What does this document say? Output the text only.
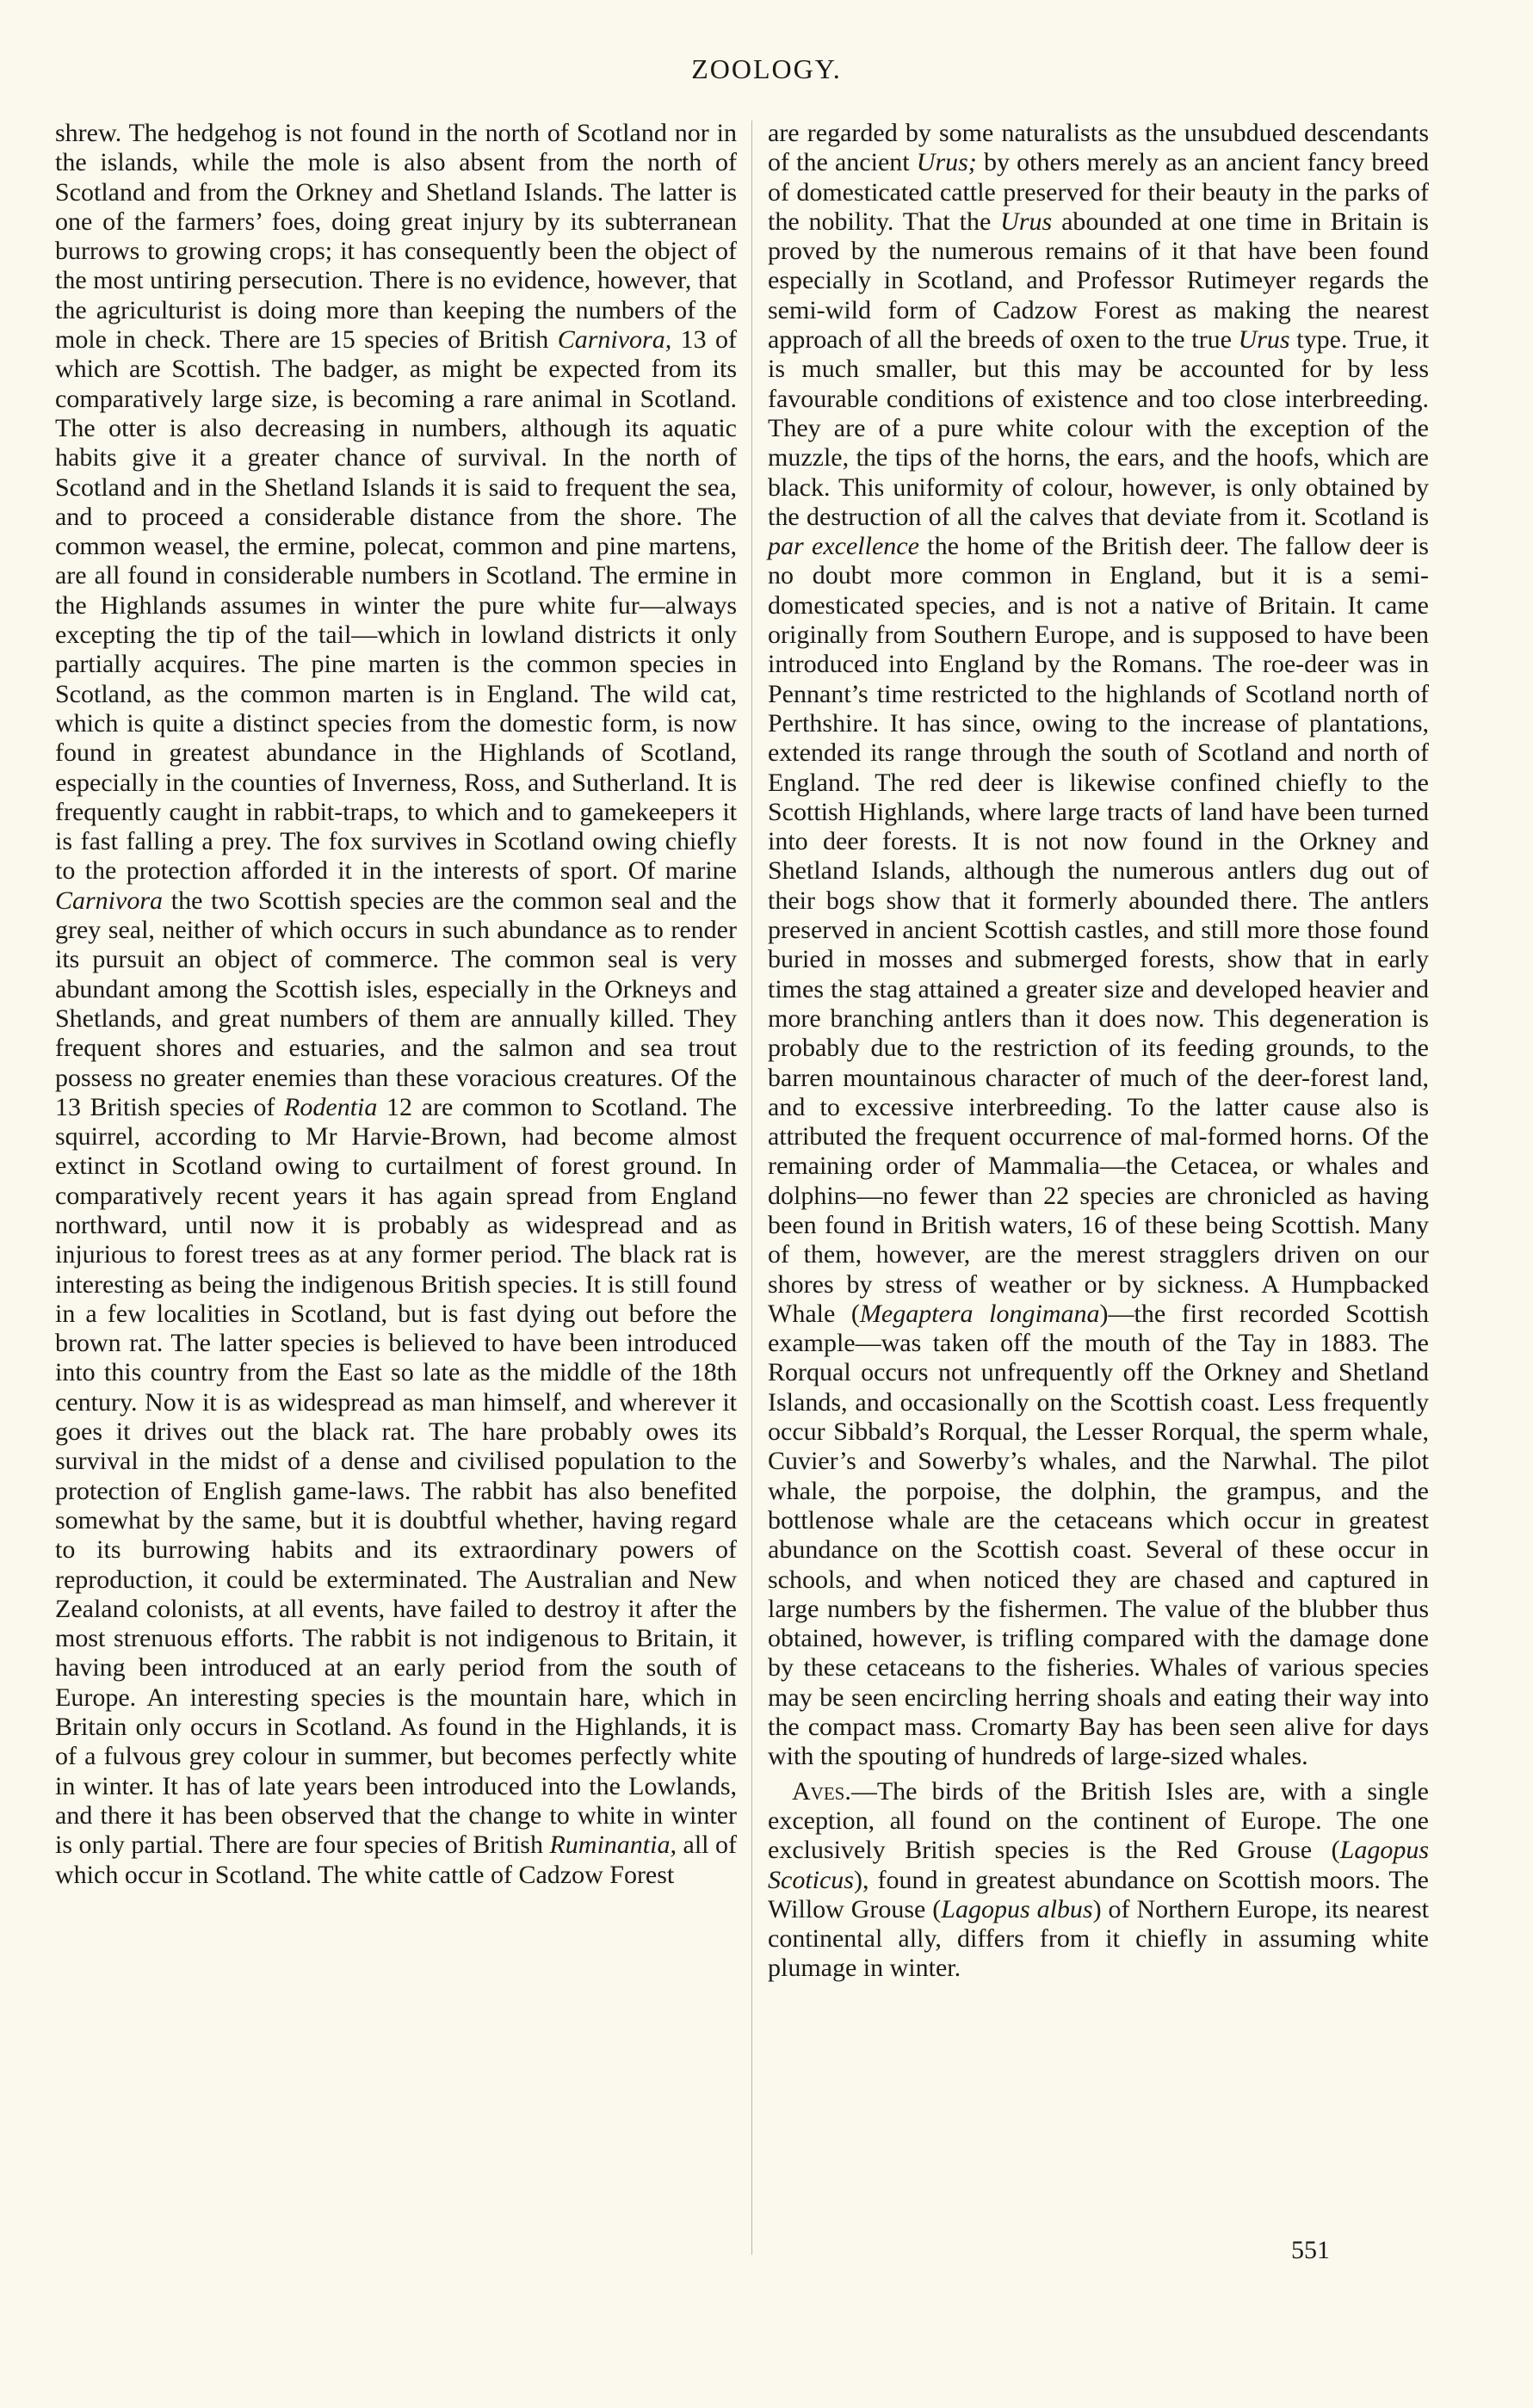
ZOOLOGY.

shrew. The hedgehog is not found in the north of Scotland nor in the islands, while the mole is also absent from the north of Scotland and from the Orkney and Shetland Islands. The latter is one of the farmers’ foes, doing great injury by its subterranean burrows to growing crops; it has consequently been the object of the most untiring persecution. There is no evidence, however, that the agriculturist is doing more than keeping the numbers of the mole in check. There are 15 species of British Carnivora, 13 of which are Scottish. The badger, as might be expected from its comparatively large size, is becoming a rare animal in Scotland. The otter is also decreasing in numbers, although its aquatic habits give it a greater chance of survival. In the north of Scotland and in the Shetland Islands it is said to frequent the sea, and to proceed a considerable distance from the shore. The common weasel, the ermine, polecat, common and pine martens, are all found in considerable numbers in Scotland. The ermine in the Highlands assumes in winter the pure white fur—always excepting the tip of the tail—which in lowland districts it only partially acquires. The pine marten is the common species in Scotland, as the common marten is in England. The wild cat, which is quite a distinct species from the domestic form, is now found in greatest abundance in the Highlands of Scotland, especially in the counties of Inverness, Ross, and Sutherland. It is frequently caught in rabbit-traps, to which and to gamekeepers it is fast falling a prey. The fox survives in Scotland owing chiefly to the protection afforded it in the interests of sport. Of marine Carnivora the two Scottish species are the common seal and the grey seal, neither of which occurs in such abundance as to render its pursuit an object of commerce. The common seal is very abundant among the Scottish isles, especially in the Orkneys and Shetlands, and great numbers of them are annually killed. They frequent shores and estuaries, and the salmon and sea trout possess no greater enemies than these voracious creatures. Of the 13 British species of Rodentia 12 are common to Scotland. The squirrel, according to Mr Harvie-Brown, had become almost extinct in Scotland owing to curtailment of forest ground. In comparatively recent years it has again spread from England northward, until now it is probably as widespread and as injurious to forest trees as at any former period. The black rat is interesting as being the indigenous British species. It is still found in a few localities in Scotland, but is fast dying out before the brown rat. The latter species is believed to have been introduced into this country from the East so late as the middle of the 18th century. Now it is as widespread as man himself, and wherever it goes it drives out the black rat. The hare probably owes its survival in the midst of a dense and civilised population to the protection of English game-laws. The rabbit has also benefited somewhat by the same, but it is doubtful whether, having regard to its burrowing habits and its extraordinary powers of reproduction, it could be exterminated. The Australian and New Zealand colonists, at all events, have failed to destroy it after the most strenuous efforts. The rabbit is not indigenous to Britain, it having been introduced at an early period from the south of Europe. An interesting species is the mountain hare, which in Britain only occurs in Scotland. As found in the Highlands, it is of a fulvous grey colour in summer, but becomes perfectly white in winter. It has of late years been introduced into the Lowlands, and there it has been observed that the change to white in winter is only partial. There are four species of British Ruminantia, all of which occur in Scotland. The white cattle of Cadzow Forest

are regarded by some naturalists as the unsubdued descendants of the ancient Urus; by others merely as an ancient fancy breed of domesticated cattle preserved for their beauty in the parks of the nobility. That the Urus abounded at one time in Britain is proved by the numerous remains of it that have been found especially in Scotland, and Professor Rutimeyer regards the semi-wild form of Cadzow Forest as making the nearest approach of all the breeds of oxen to the true Urus type. True, it is much smaller, but this may be accounted for by less favourable conditions of existence and too close interbreeding. They are of a pure white colour with the exception of the muzzle, the tips of the horns, the ears, and the hoofs, which are black. This uniformity of colour, however, is only obtained by the destruction of all the calves that deviate from it. Scotland is par excellence the home of the British deer. The fallow deer is no doubt more common in England, but it is a semi-domesticated species, and is not a native of Britain. It came originally from Southern Europe, and is supposed to have been introduced into England by the Romans. The roe-deer was in Pennant’s time restricted to the highlands of Scotland north of Perthshire. It has since, owing to the increase of plantations, extended its range through the south of Scotland and north of England. The red deer is likewise confined chiefly to the Scottish Highlands, where large tracts of land have been turned into deer forests. It is not now found in the Orkney and Shetland Islands, although the numerous antlers dug out of their bogs show that it formerly abounded there. The antlers preserved in ancient Scottish castles, and still more those found buried in mosses and submerged forests, show that in early times the stag attained a greater size and developed heavier and more branching antlers than it does now. This degeneration is probably due to the restriction of its feeding grounds, to the barren mountainous character of much of the deer-forest land, and to excessive interbreeding. To the latter cause also is attributed the frequent occurrence of mal-formed horns. Of the remaining order of Mammalia—the Cetacea, or whales and dolphins—no fewer than 22 species are chronicled as having been found in British waters, 16 of these being Scottish. Many of them, however, are the merest stragglers driven on our shores by stress of weather or by sickness. A Humpbacked Whale (Megaptera longimana)—the first recorded Scottish example—was taken off the mouth of the Tay in 1883. The Rorqual occurs not unfrequently off the Orkney and Shetland Islands, and occasionally on the Scottish coast. Less frequently occur Sibbald’s Rorqual, the Lesser Rorqual, the sperm whale, Cuvier’s and Sowerby’s whales, and the Narwhal. The pilot whale, the porpoise, the dolphin, the grampus, and the bottlenose whale are the cetaceans which occur in greatest abundance on the Scottish coast. Several of these occur in schools, and when noticed they are chased and captured in large numbers by the fishermen. The value of the blubber thus obtained, however, is trifling compared with the damage done by these cetaceans to the fisheries. Whales of various species may be seen encircling herring shoals and eating their way into the compact mass. Cromarty Bay has been seen alive for days with the spouting of hundreds of large-sized whales.

Aves.—The birds of the British Isles are, with a single exception, all found on the continent of Europe. The one exclusively British species is the Red Grouse (Lagopus Scoticus), found in greatest abundance on Scottish moors. The Willow Grouse (Lagopus albus) of Northern Europe, its nearest continental ally, differs from it chiefly in assuming white plumage in winter.

551
